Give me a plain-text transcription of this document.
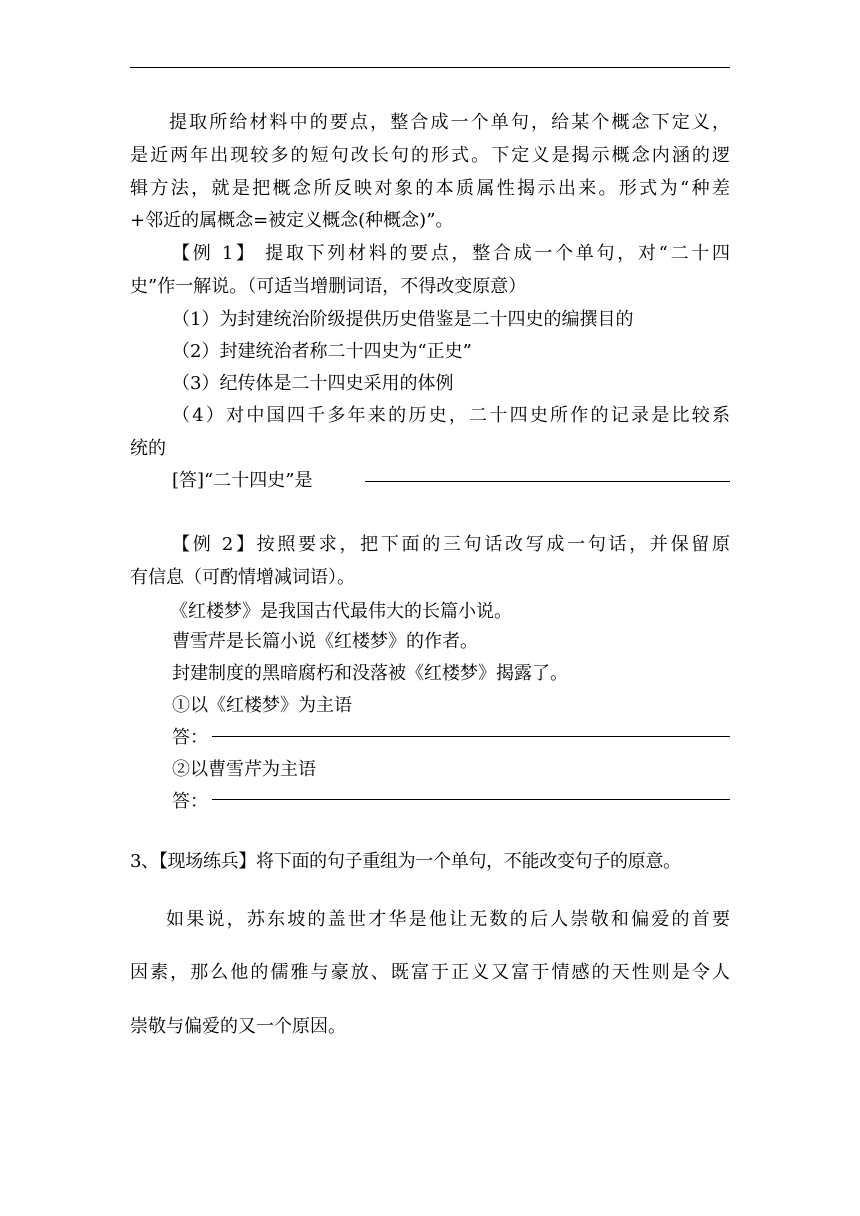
提取所给材料中的要点，整合成一个单句，给某个概念下定义，
是近两年出现较多的短句改长句的形式。下定义是揭示概念内涵的逻
辑方法，就是把概念所反映对象的本质属性揭示出来。形式为“种差
+邻近的属概念=被定义概念(种概念)”。
【例 1】 提取下列材料的要点，整合成一个单句，对“二十四
史”作一解说。（可适当增删词语，不得改变原意）
（1）为封建统治阶级提供历史借鉴是二十四史的编撰目的
（2）封建统治者称二十四史为“正史”
（3）纪传体是二十四史采用的体例
（4）对中国四千多年来的历史，二十四史所作的记录是比较系
统的
[答]“二十四史”是
【例 2】按照要求，把下面的三句话改写成一句话，并保留原
有信息（可酌情增减词语）。
《红楼梦》是我国古代最伟大的长篇小说。
曹雪芹是长篇小说《红楼梦》的作者。
封建制度的黑暗腐朽和没落被《红楼梦》揭露了。
①以《红楼梦》为主语
答：
②以曹雪芹为主语
答：
3、【现场练兵】将下面的句子重组为一个单句，不能改变句子的原意。
如果说，苏东坡的盖世才华是他让无数的后人崇敬和偏爱的首要
因素，那么他的儒雅与豪放、既富于正义又富于情感的天性则是令人
崇敬与偏爱的又一个原因。
